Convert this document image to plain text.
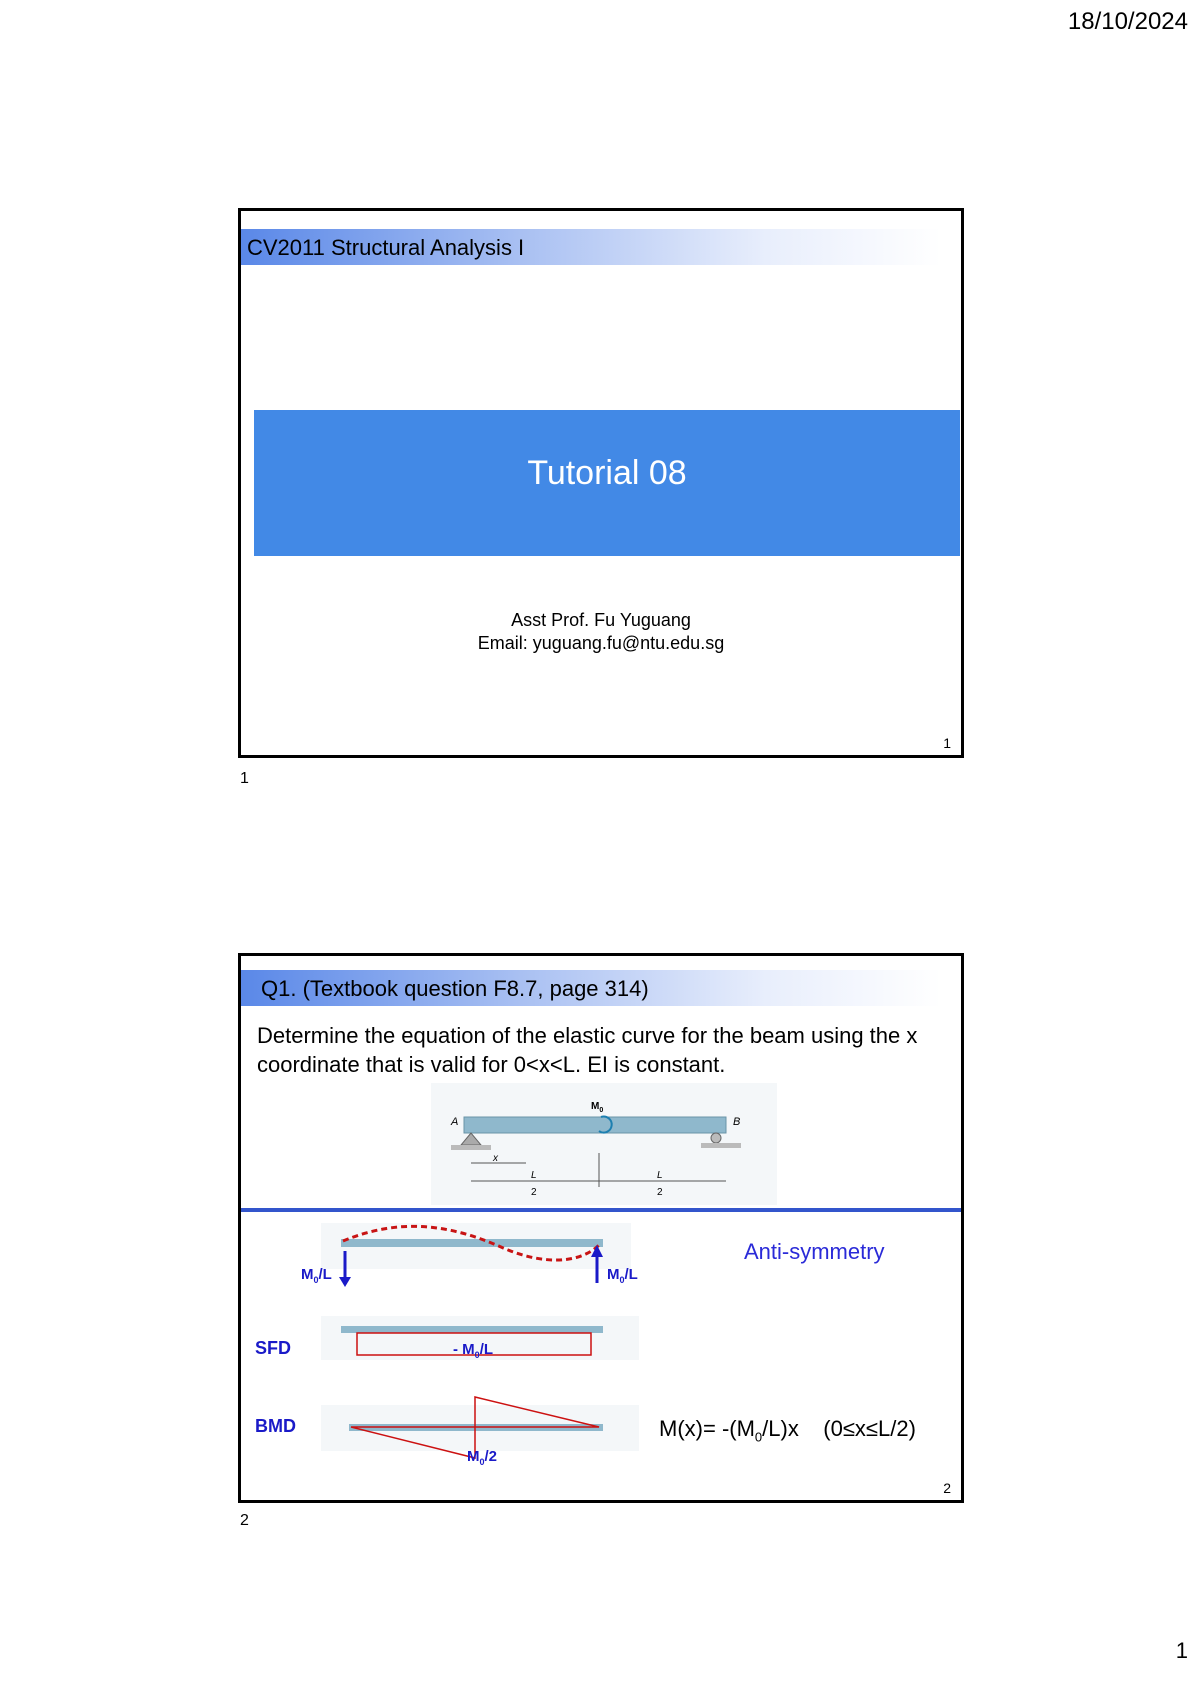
18/10/2024
CV2011 Structural Analysis I
Tutorial 08
Asst Prof. Fu Yuguang
Email: yuguang.fu@ntu.edu.sg
1
1
Q1. (Textbook question F8.7, page 314)
Determine the equation of the elastic curve for the beam using the x coordinate that is valid for 0<x<L. EI is constant.
A	B
$M_0$
x
L
2
L
2
$M_0/L$	$M_0/L$
Anti-symmetry
SFD	- $M_0/L$
BMD
$M_0/2$
$M(x)= -(M_0/L)x$ (0≤x≤L/2)
2
2
1
